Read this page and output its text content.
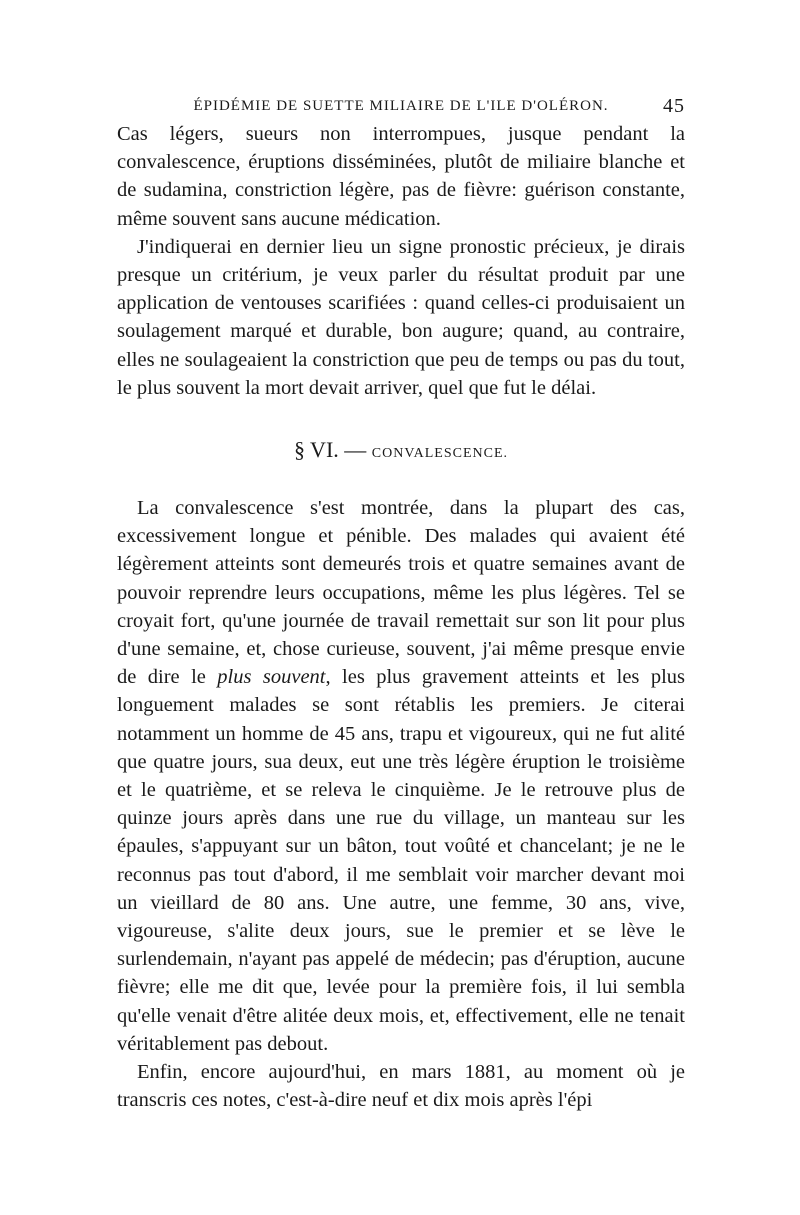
ÉPIDÉMIE DE SUETTE MILIAIRE DE L'ILE D'OLÉRON.	45

Cas légers, sueurs non interrompues, jusque pendant la convalescence, éruptions disséminées, plutôt de miliaire blanche et de sudamina, constriction légère, pas de fièvre: guérison constante, même souvent sans aucune médication.

J'indiquerai en dernier lieu un signe pronostic précieux, je dirais presque un critérium, je veux parler du résultat produit par une application de ventouses scarifiées : quand celles-ci produisaient un soulagement marqué et durable, bon augure; quand, au contraire, elles ne soulageaient la constriction que peu de temps ou pas du tout, le plus souvent la mort devait arriver, quel que fut le délai.

§ VI. — CONVALESCENCE.

La convalescence s'est montrée, dans la plupart des cas, excessivement longue et pénible. Des malades qui avaient été légèrement atteints sont demeurés trois et quatre semaines avant de pouvoir reprendre leurs occupations, même les plus légères. Tel se croyait fort, qu'une journée de travail remettait sur son lit pour plus d'une semaine, et, chose curieuse, souvent, j'ai même presque envie de dire le plus souvent, les plus gravement atteints et les plus longuement malades se sont rétablis les premiers. Je citerai notamment un homme de 45 ans, trapu et vigoureux, qui ne fut alité que quatre jours, sua deux, eut une très légère éruption le troisième et le quatrième, et se releva le cinquième. Je le retrouve plus de quinze jours après dans une rue du village, un manteau sur les épaules, s'appuyant sur un bâton, tout voûté et chancelant; je ne le reconnus pas tout d'abord, il me semblait voir marcher devant moi un vieillard de 80 ans. Une autre, une femme, 30 ans, vive, vigoureuse, s'alite deux jours, sue le premier et se lève le surlendemain, n'ayant pas appelé de médecin; pas d'éruption, aucune fièvre; elle me dit que, levée pour la première fois, il lui sembla qu'elle venait d'être alitée deux mois, et, effectivement, elle ne tenait véritablement pas debout.

Enfin, encore aujourd'hui, en mars 1881, au moment où je transcris ces notes, c'est-à-dire neuf et dix mois après l'épi
